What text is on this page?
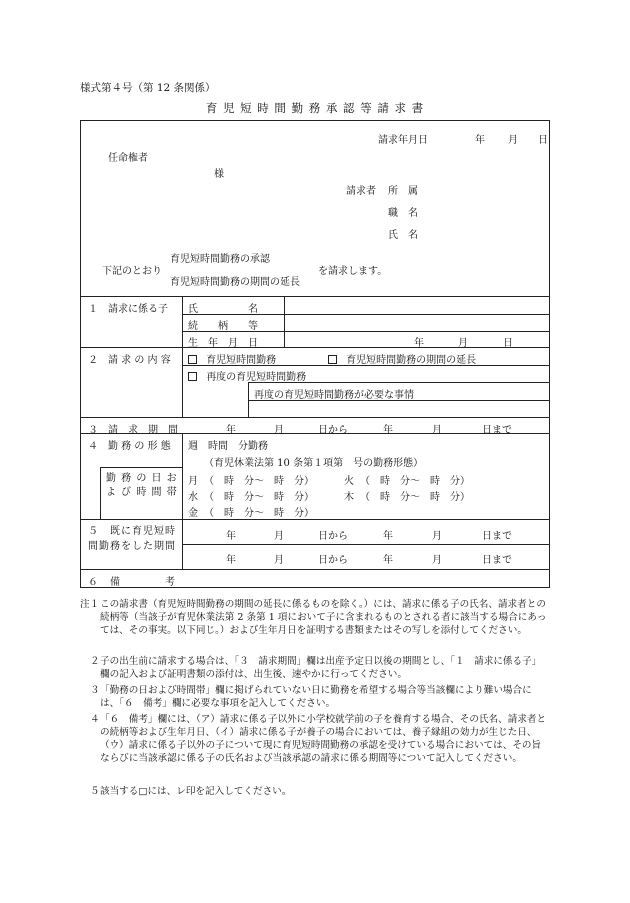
様式第４号（第 12 条関係）
育 児 短 時 間 勤 務 承 認 等 請 求 書
請求年月日	年 月 日
任命権者
様
請求者 所　属
職　名
氏　名
育児短時間勤務の承認
下記のとおり	を請求します。
育児短時間勤務の期間の延長
１　請求に係る子 氏　　　　　名
続　　柄　　等
生　年　月　日	年	月	日
２　請 求 の 内 容	育児短時間勤務	育児短時間勤務の期間の延長
再度の育児短時間勤務
再度の育児短時間勤務が必要な事情
３　請　求　期　間	年	月	日から	年	月	日まで
４　勤 務 の 形 態 週　時間　分勤務
（育児休業法第 10 条第１項第　号の勤務形態）
勤 務 の 日 お よ び 時 間 帯
月 （　時　分～　時　分）	火 （　時　分～　時　分）
水 （　時　分～　時　分）	木 （　時　分～　時　分）
金 （　時　分～　時　分）
５　既に育児短時間勤務をした期間
年	月	日から	年	月	日まで
年	月	日から	年	月	日まで
６　備　　　　考
注１ この請求書（育児短時間勤務の期間の延長に係るものを除く。）には、請求に係る子の氏名、請求者との続柄等（当該子が育児休業法第 2 条第 1 項において子に含まれるものとされる者に該当する場合にあっては、その事実。以下同じ。）および生年月日を証明する書類またはその写しを添付してください。
２ 子の出生前に請求する場合は、「３　請求期間」欄は出産予定日以後の期間とし、「１　請求に係る子」欄の記入および証明書類の添付は、出生後、速やかに行ってください。
３ 「勤務の日および時間帯」欄に掲げられていない日に勤務を希望する場合等当該欄により難い場合には、「６　備考」欄に必要な事項を記入してください。
４ 「６　備考」欄には、（ア）請求に係る子以外に小学校就学前の子を養育する場合、その氏名、請求者との続柄等および生年月日、（イ）請求に係る子が養子の場合においては、養子縁組の効力が生じた日、（ウ）請求に係る子以外の子について現に育児短時間勤務の承認を受けている場合においては、その旨ならびに当該承認に係る子の氏名および当該承認の請求に係る期間等について記入してください。
５ 該当する□には、レ印を記入してください。
